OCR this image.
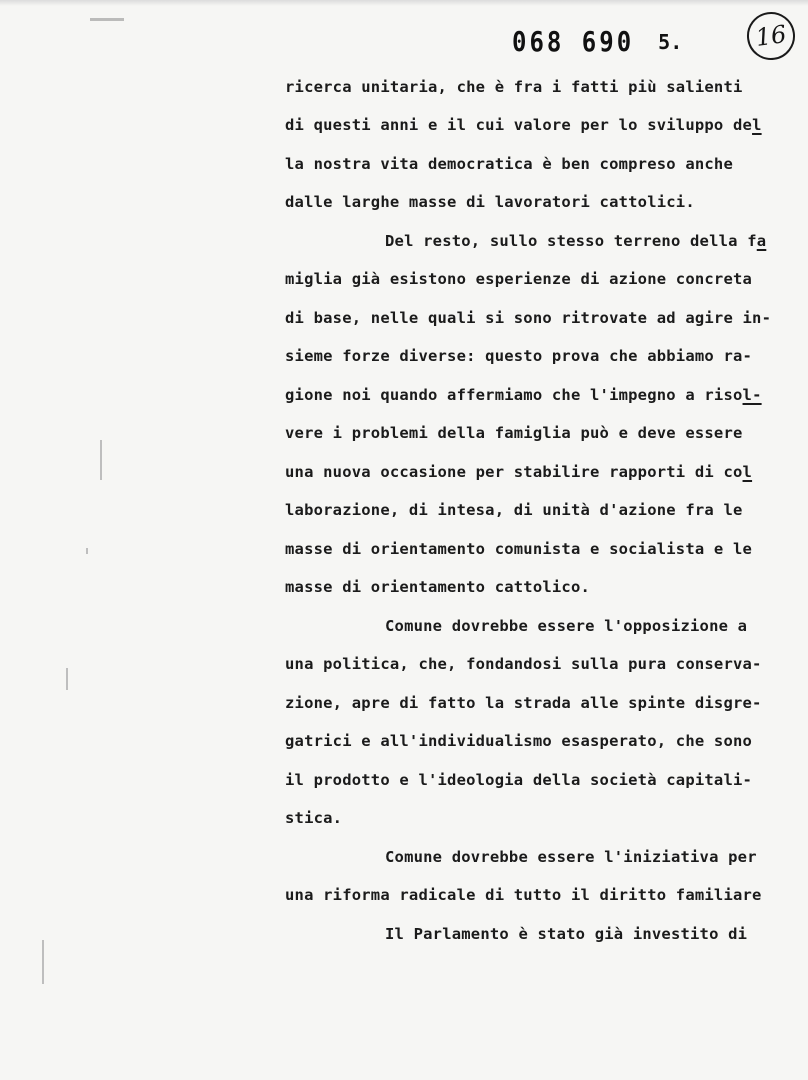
068 690 5.	16
ricerca unitaria, che è fra i fatti più salienti
di questi anni e il cui valore per lo sviluppo del
la nostra vita democratica è ben compreso anche
dalle larghe masse di lavoratori cattolici.
Del resto, sullo stesso terreno della fa
miglia già esistono esperienze di azione concreta
di base, nelle quali si sono ritrovate ad agire in-
sieme forze diverse: questo prova che abbiamo ra-
gione noi quando affermiamo che l'impegno a risol-
vere i problemi della famiglia può e deve essere
una nuova occasione per stabilire rapporti di col
laborazione, di intesa, di unità d'azione fra le
masse di orientamento comunista e socialista e le
masse di orientamento cattolico.
Comune dovrebbe essere l'opposizione a
una politica, che, fondandosi sulla pura conserva-
zione, apre di fatto la strada alle spinte disgre-
gatrici e all'individualismo esasperato, che sono
il prodotto e l'ideologia della società capitali-
stica.
Comune dovrebbe essere l'iniziativa per
una riforma radicale di tutto il diritto familiare
Il Parlamento è stato già investito di
